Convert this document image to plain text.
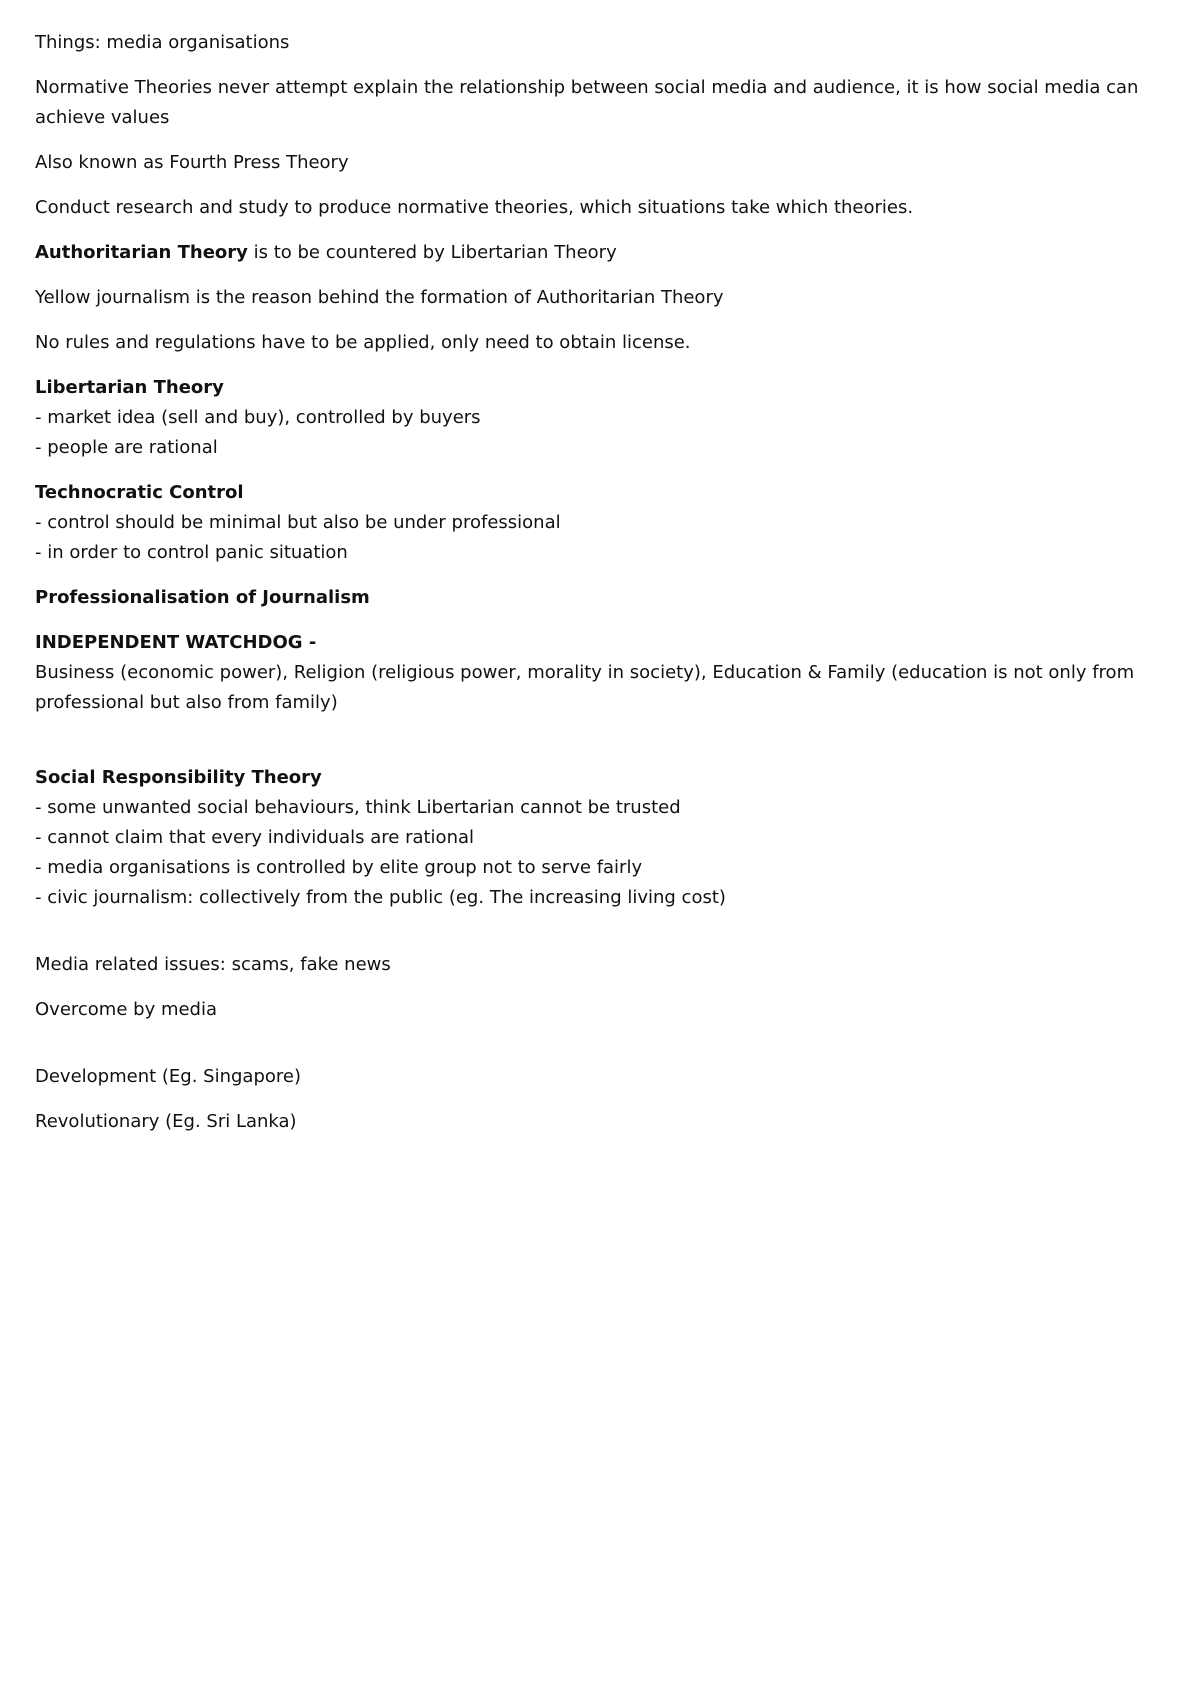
Things: media organisations

Normative Theories never attempt explain the relationship between social media and audience, it is how social media can achieve values

Also known as Fourth Press Theory

Conduct research and study to produce normative theories, which situations take which theories.

Authoritarian Theory is to be countered by Libertarian Theory

Yellow journalism is the reason behind the formation of Authoritarian Theory

No rules and regulations have to be applied, only need to obtain license.

Libertarian Theory
- market idea (sell and buy), controlled by buyers
- people are rational
Technocratic Control
- control should be minimal but also be under professional
- in order to control panic situation

Professionalisation of Journalism

INDEPENDENT WATCHDOG -
Business (economic power), Religion (religious power, morality in society), Education & Family (education is not only from professional but also from family)
Social Responsibility Theory
- some unwanted social behaviours, think Libertarian cannot be trusted
- cannot claim that every individuals are rational
- media organisations is controlled by elite group not to serve fairly
- civic journalism: collectively from the public (eg. The increasing living cost)

Media related issues: scams, fake news

Overcome by media

Development (Eg. Singapore)

Revolutionary (Eg. Sri Lanka)
